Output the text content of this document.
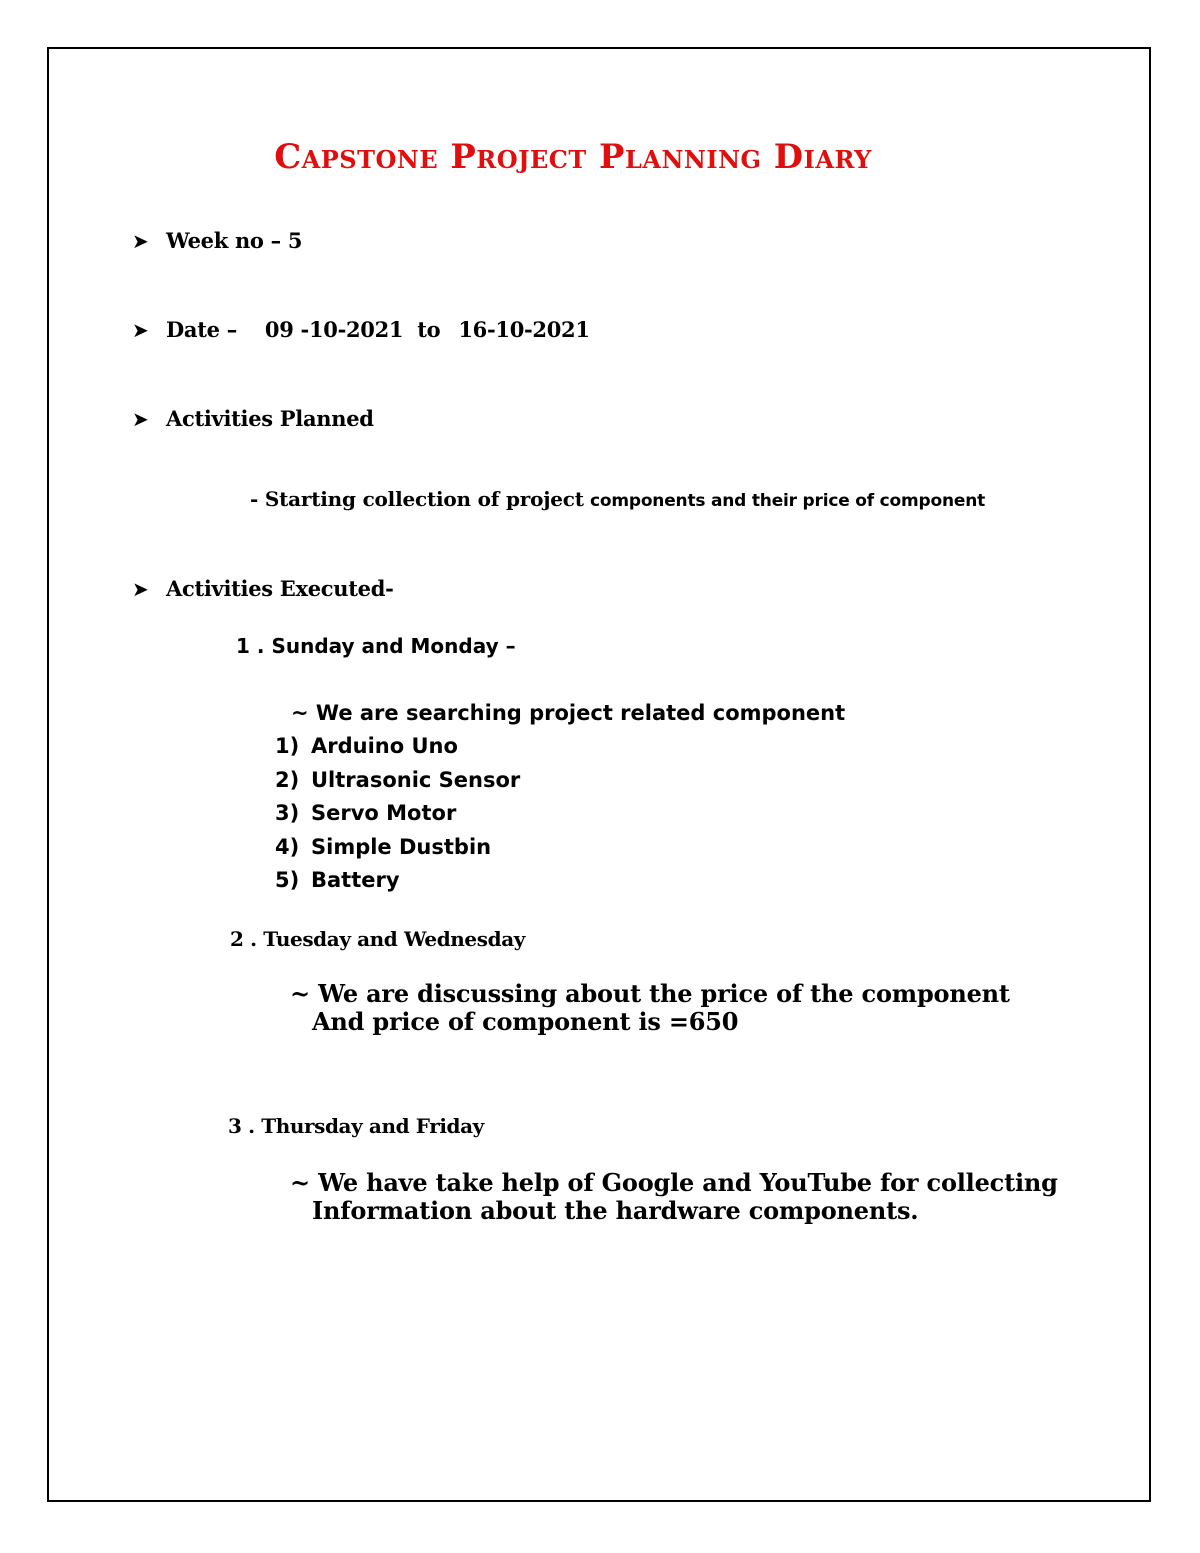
Capstone Project Planning Diary
➤ Week no – 5
➤ Date – 09 -10-2021 to 16-10-2021
➤ Activities Planned
- Starting collection of project components and their price of component
➤ Activities Executed-
1 . Sunday and Monday –
~ We are searching project related component
1) Arduino Uno
2) Ultrasonic Sensor
3) Servo Motor
4) Simple Dustbin
5) Battery
2 . Tuesday and Wednesday
~ We are discussing about the price of the component
And price of component is =650
3 . Thursday and Friday
~ We have take help of Google and YouTube for collecting
Information about the hardware components.
